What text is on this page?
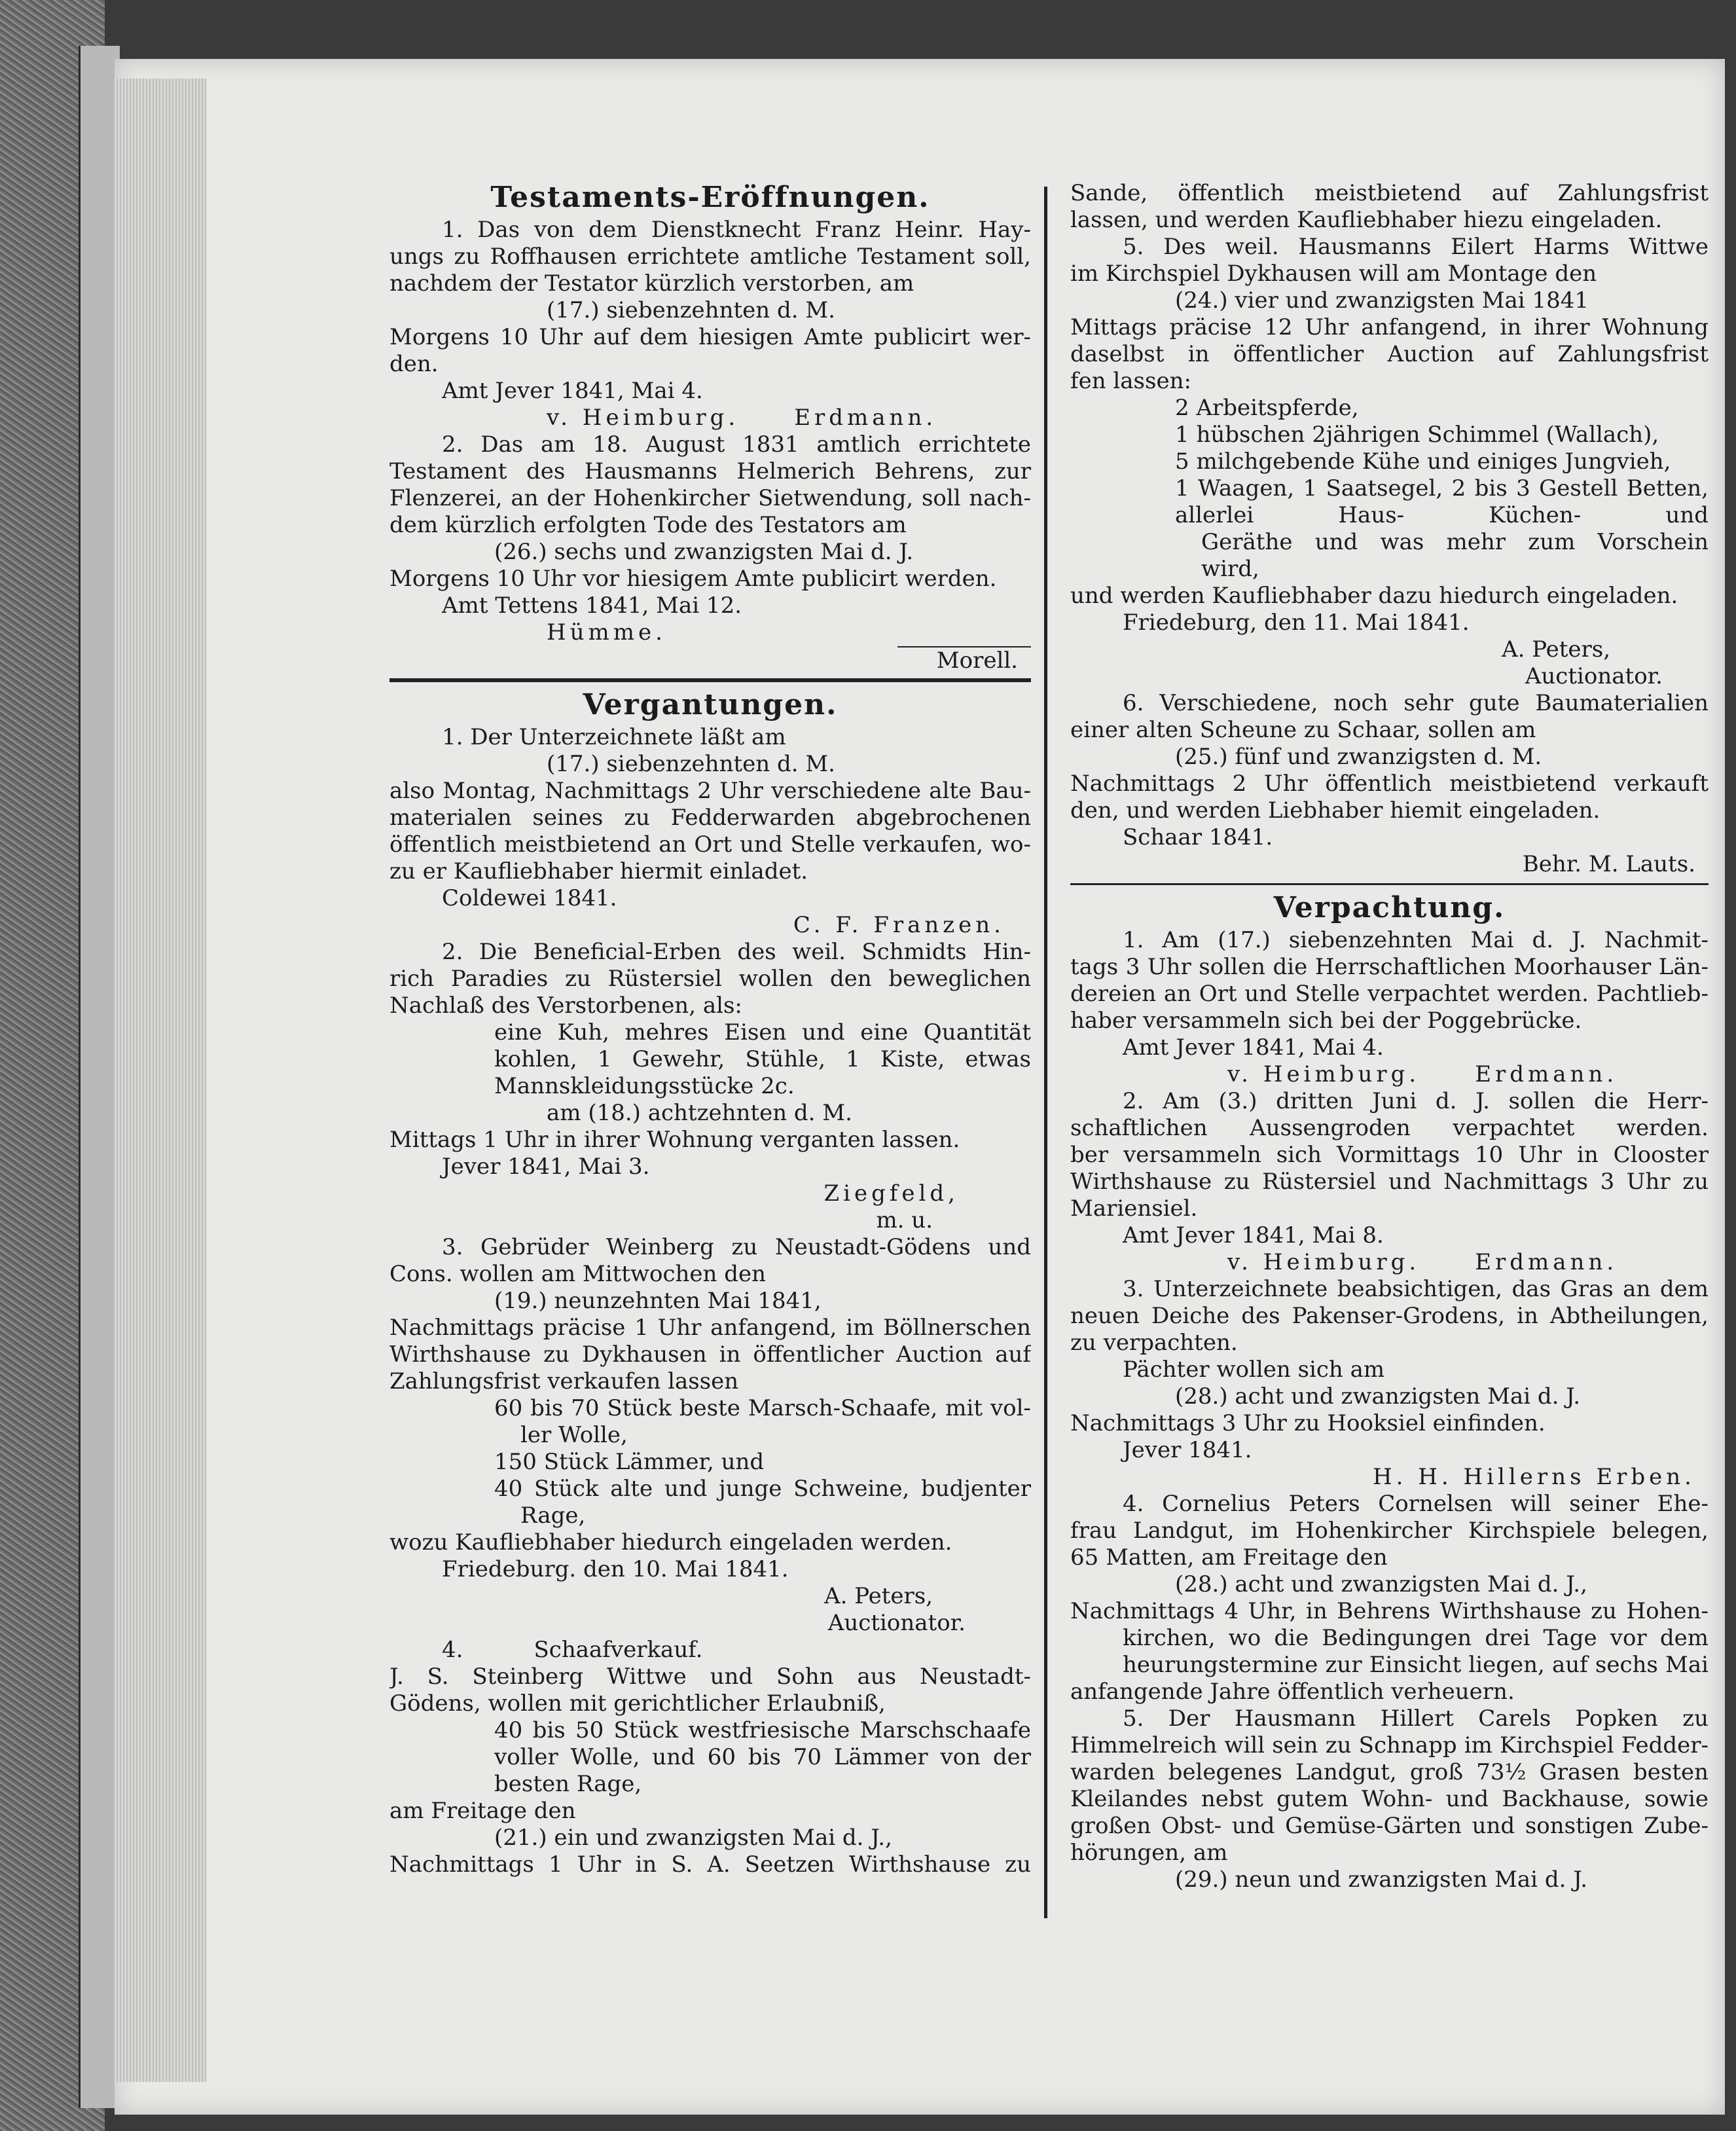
Testaments-Eröffnungen.
1. Das von dem Dienstknecht Franz Heinr. Hay-
ungs zu Roffhausen errichtete amtliche Testament soll,
nachdem der Testator kürzlich verstorben, am
(17.) siebenzehnten d. M.
Morgens 10 Uhr auf dem hiesigen Amte publicirt wer-
den.
Amt Jever 1841, Mai 4.
v. Heimburg.     Erdmann.
2. Das am 18. August 1831 amtlich errichtete
Testament des Hausmanns Helmerich Behrens, zur
Flenzerei, an der Hohenkircher Sietwendung, soll nach-
dem kürzlich erfolgten Tode des Testators am
(26.) sechs und zwanzigsten Mai d. J.
Morgens 10 Uhr vor hiesigem Amte publicirt werden.
Amt Tettens 1841, Mai 12.
Hümme.
Morell.
Vergantungen.
1. Der Unterzeichnete läßt am
(17.) siebenzehnten d. M.
also Montag, Nachmittags 2 Uhr verschiedene alte Bau-
materialen seines zu Fedderwarden abgebrochenen
öffentlich meistbietend an Ort und Stelle verkaufen, wo-
zu er Kaufliebhaber hiermit einladet.
Coldewei 1841.
C. F. Franzen.
2. Die Beneficial-Erben des weil. Schmidts Hin-
rich Paradies zu Rüstersiel wollen den beweglichen
Nachlaß des Verstorbenen, als:
eine Kuh, mehres Eisen und eine Quantität
kohlen, 1 Gewehr, Stühle, 1 Kiste, etwas
Mannskleidungsstücke 2c.
am (18.) achtzehnten d. M.
Mittags 1 Uhr in ihrer Wohnung verganten lassen.
Jever 1841, Mai 3.
Ziegfeld,
m. u.
3. Gebrüder Weinberg zu Neustadt-Gödens und
Cons. wollen am Mittwochen den
(19.) neunzehnten Mai 1841,
Nachmittags präcise 1 Uhr anfangend, im Böllnerschen
Wirthshause zu Dykhausen in öffentlicher Auction auf
Zahlungsfrist verkaufen lassen
60 bis 70 Stück beste Marsch-Schaafe, mit vol-
ler Wolle,
150 Stück Lämmer, und
40 Stück alte und junge Schweine, budjenter
Rage,
wozu Kaufliebhaber hiedurch eingeladen werden.
Friedeburg. den 10. Mai 1841.
A. Peters,
Auctionator.
4.          Schaafverkauf.
J. S. Steinberg Wittwe und Sohn aus Neustadt-
Gödens, wollen mit gerichtlicher Erlaubniß,
40 bis 50 Stück westfriesische Marschschaafe
voller Wolle, und 60 bis 70 Lämmer von der
besten Rage,
am Freitage den
(21.) ein und zwanzigsten Mai d. J.,
Nachmittags 1 Uhr in S. A. Seetzen Wirthshause zu
Sande, öffentlich meistbietend auf Zahlungsfrist
lassen, und werden Kaufliebhaber hiezu eingeladen.
5. Des weil. Hausmanns Eilert Harms Wittwe
im Kirchspiel Dykhausen will am Montage den
(24.) vier und zwanzigsten Mai 1841
Mittags präcise 12 Uhr anfangend, in ihrer Wohnung
daselbst in öffentlicher Auction auf Zahlungsfrist
fen lassen:
2 Arbeitspferde,
1 hübschen 2jährigen Schimmel (Wallach),
5 milchgebende Kühe und einiges Jungvieh,
1 Waagen, 1 Saatsegel, 2 bis 3 Gestell Betten,
allerlei Haus- Küchen- und
Geräthe und was mehr zum Vorschein
wird,
und werden Kaufliebhaber dazu hiedurch eingeladen.
Friedeburg, den 11. Mai 1841.
A. Peters,
Auctionator.
6. Verschiedene, noch sehr gute Baumaterialien
einer alten Scheune zu Schaar, sollen am
(25.) fünf und zwanzigsten d. M.
Nachmittags 2 Uhr öffentlich meistbietend verkauft
den, und werden Liebhaber hiemit eingeladen.
Schaar 1841.
Behr. M. Lauts.
Verpachtung.
1. Am (17.) siebenzehnten Mai d. J. Nachmit-
tags 3 Uhr sollen die Herrschaftlichen Moorhauser Län-
dereien an Ort und Stelle verpachtet werden. Pachtlieb-
haber versammeln sich bei der Poggebrücke.
Amt Jever 1841, Mai 4.
v. Heimburg.     Erdmann.
2. Am (3.) dritten Juni d. J. sollen die Herr-
schaftlichen Aussengroden verpachtet werden.
ber versammeln sich Vormittags 10 Uhr in Clooster
Wirthshause zu Rüstersiel und Nachmittags 3 Uhr zu
Mariensiel.
Amt Jever 1841, Mai 8.
v. Heimburg.     Erdmann.
3. Unterzeichnete beabsichtigen, das Gras an dem
neuen Deiche des Pakenser-Grodens, in Abtheilungen,
zu verpachten.
Pächter wollen sich am
(28.) acht und zwanzigsten Mai d. J.
Nachmittags 3 Uhr zu Hooksiel einfinden.
Jever 1841.
H. H. Hillerns Erben.
4. Cornelius Peters Cornelsen will seiner Ehe-
frau Landgut, im Hohenkircher Kirchspiele belegen,
65 Matten, am Freitage den
(28.) acht und zwanzigsten Mai d. J.,
Nachmittags 4 Uhr, in Behrens Wirthshause zu Hohen-
kirchen, wo die Bedingungen drei Tage vor dem
heurungstermine zur Einsicht liegen, auf sechs Mai
anfangende Jahre öffentlich verheuern.
5. Der Hausmann Hillert Carels Popken zu
Himmelreich will sein zu Schnapp im Kirchspiel Fedder-
warden belegenes Landgut, groß 73½ Grasen besten
Kleilandes nebst gutem Wohn- und Backhause, sowie
großen Obst- und Gemüse-Gärten und sonstigen Zube-
hörungen, am
(29.) neun und zwanzigsten Mai d. J.
